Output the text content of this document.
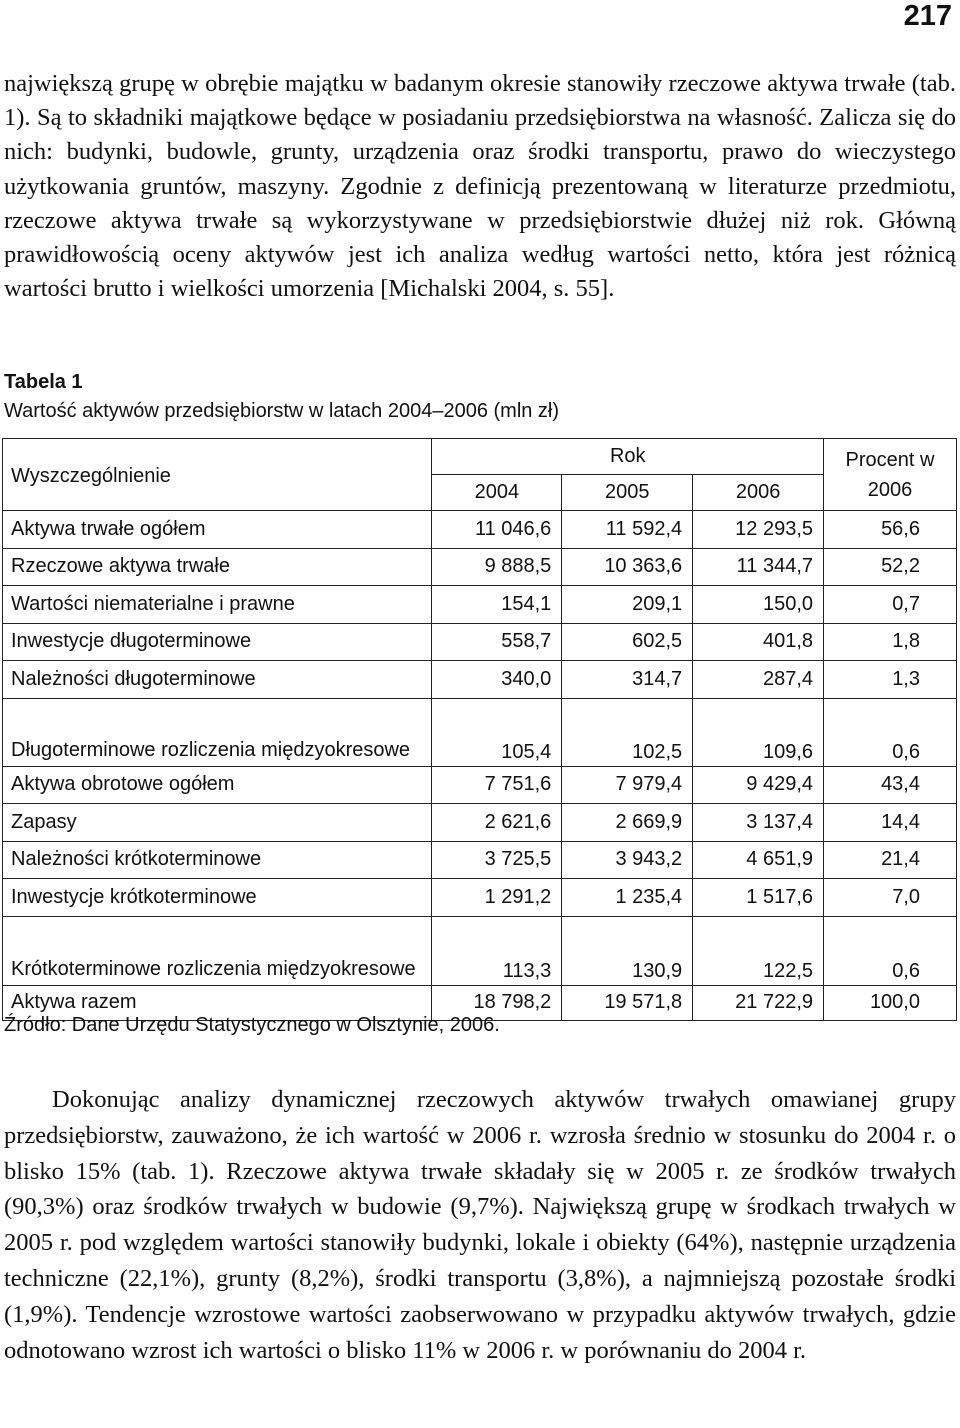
217

największą grupę w obrębie majątku w badanym okresie stanowiły rzeczowe aktywa trwałe (tab. 1). Są to składniki majątkowe będące w posiadaniu przedsiębiorstwa na własność. Zalicza się do nich: budynki, budowle, grunty, urządzenia oraz środki transportu, prawo do wieczystego użytkowania gruntów, maszyny. Zgodnie z definicją prezentowaną w literaturze przedmiotu, rzeczowe aktywa trwałe są wykorzystywane w przedsiębiorstwie dłużej niż rok. Główną prawidłowością oceny aktywów jest ich analiza według wartości netto, która jest różnicą wartości brutto i wielkości umorzenia [Michalski 2004, s. 55].

Tabela 1
Wartość aktywów przedsiębiorstw w latach 2004–2006 (mln zł)
Wyszczególnienie	Rok			Procent w 2006
	2004	2005	2006	
Aktywa trwałe ogółem	11 046,6	11 592,4	12 293,5	56,6
Rzeczowe aktywa trwałe	9 888,5	10 363,6	11 344,7	52,2
Wartości niematerialne i prawne	154,1	209,1	150,0	0,7
Inwestycje długoterminowe	558,7	602,5	401,8	1,8
Należności długoterminowe	340,0	314,7	287,4	1,3
Długoterminowe rozliczenia międzyokresowe	105,4	102,5	109,6	0,6
Aktywa obrotowe ogółem	7 751,6	7 979,4	9 429,4	43,4
Zapasy	2 621,6	2 669,9	3 137,4	14,4
Należności krótkoterminowe	3 725,5	3 943,2	4 651,9	21,4
Inwestycje krótkoterminowe	1 291,2	1 235,4	1 517,6	7,0
Krótkoterminowe rozliczenia międzyokresowe	113,3	130,9	122,5	0,6
Aktywa razem	18 798,2	19 571,8	21 722,9	100,0
Źródło: Dane Urzędu Statystycznego w Olsztynie, 2006.

Dokonując analizy dynamicznej rzeczowych aktywów trwałych omawianej grupy przedsiębiorstw, zauważono, że ich wartość w 2006 r. wzrosła średnio w stosunku do 2004 r. o blisko 15% (tab. 1). Rzeczowe aktywa trwałe składały się w 2005 r. ze środków trwałych (90,3%) oraz środków trwałych w budowie (9,7%). Największą grupę w środkach trwałych w 2005 r. pod względem wartości stanowiły budynki, lokale i obiekty (64%), następnie urządzenia techniczne (22,1%), grunty (8,2%), środki transportu (3,8%), a najmniejszą pozostałe środki (1,9%). Tendencje wzrostowe wartości zaobserwowano w przypadku aktywów trwałych, gdzie odnotowano wzrost ich wartości o blisko 11% w 2006 r. w porównaniu do 2004 r.
